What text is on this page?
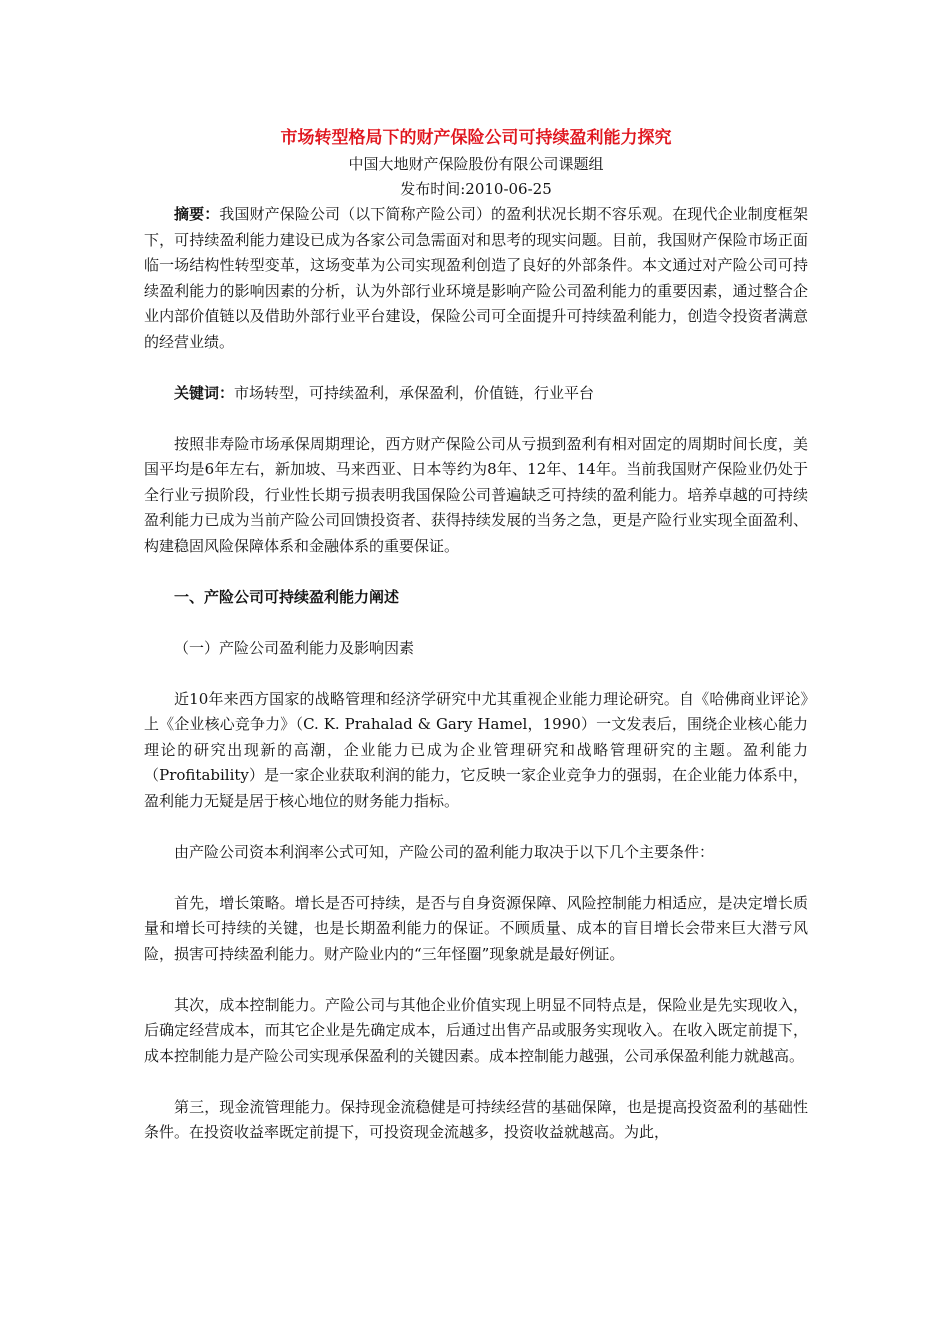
市场转型格局下的财产保险公司可持续盈利能力探究
中国大地财产保险股份有限公司课题组
发布时间:2010-06-25

摘要：我国财产保险公司（以下简称产险公司）的盈利状况长期不容乐观。在现代企业制度框架下，可持续盈利能力建设已成为各家公司急需面对和思考的现实问题。目前，我国财产保险市场正面临一场结构性转型变革，这场变革为公司实现盈利创造了良好的外部条件。本文通过对产险公司可持续盈利能力的影响因素的分析，认为外部行业环境是影响产险公司盈利能力的重要因素，通过整合企业内部价值链以及借助外部行业平台建设，保险公司可全面提升可持续盈利能力，创造令投资者满意的经营业绩。

关键词：市场转型，可持续盈利，承保盈利，价值链，行业平台

按照非寿险市场承保周期理论，西方财产保险公司从亏损到盈利有相对固定的周期时间长度，美国平均是6年左右，新加坡、马来西亚、日本等约为8年、12年、14年。当前我国财产保险业仍处于全行业亏损阶段，行业性长期亏损表明我国保险公司普遍缺乏可持续的盈利能力。培养卓越的可持续盈利能力已成为当前产险公司回馈投资者、获得持续发展的当务之急，更是产险行业实现全面盈利、构建稳固风险保障体系和金融体系的重要保证。

一、产险公司可持续盈利能力阐述

（一）产险公司盈利能力及影响因素

近10年来西方国家的战略管理和经济学研究中尤其重视企业能力理论研究。自《哈佛商业评论》上《企业核心竞争力》（C. K. Prahalad & Gary Hamel，1990）一文发表后，围绕企业核心能力理论的研究出现新的高潮，企业能力已成为企业管理研究和战略管理研究的主题。盈利能力（Profitability）是一家企业获取利润的能力，它反映一家企业竞争力的强弱，在企业能力体系中，盈利能力无疑是居于核心地位的财务能力指标。

由产险公司资本利润率公式可知，产险公司的盈利能力取决于以下几个主要条件：

首先，增长策略。增长是否可持续，是否与自身资源保障、风险控制能力相适应，是决定增长质量和增长可持续的关键，也是长期盈利能力的保证。不顾质量、成本的盲目增长会带来巨大潜亏风险，损害可持续盈利能力。财产险业内的“三年怪圈”现象就是最好例证。

其次，成本控制能力。产险公司与其他企业价值实现上明显不同特点是，保险业是先实现收入，后确定经营成本，而其它企业是先确定成本，后通过出售产品或服务实现收入。在收入既定前提下，成本控制能力是产险公司实现承保盈利的关键因素。成本控制能力越强，公司承保盈利能力就越高。

第三，现金流管理能力。保持现金流稳健是可持续经营的基础保障，也是提高投资盈利的基础性条件。在投资收益率既定前提下，可投资现金流越多，投资收益就越高。为此，
